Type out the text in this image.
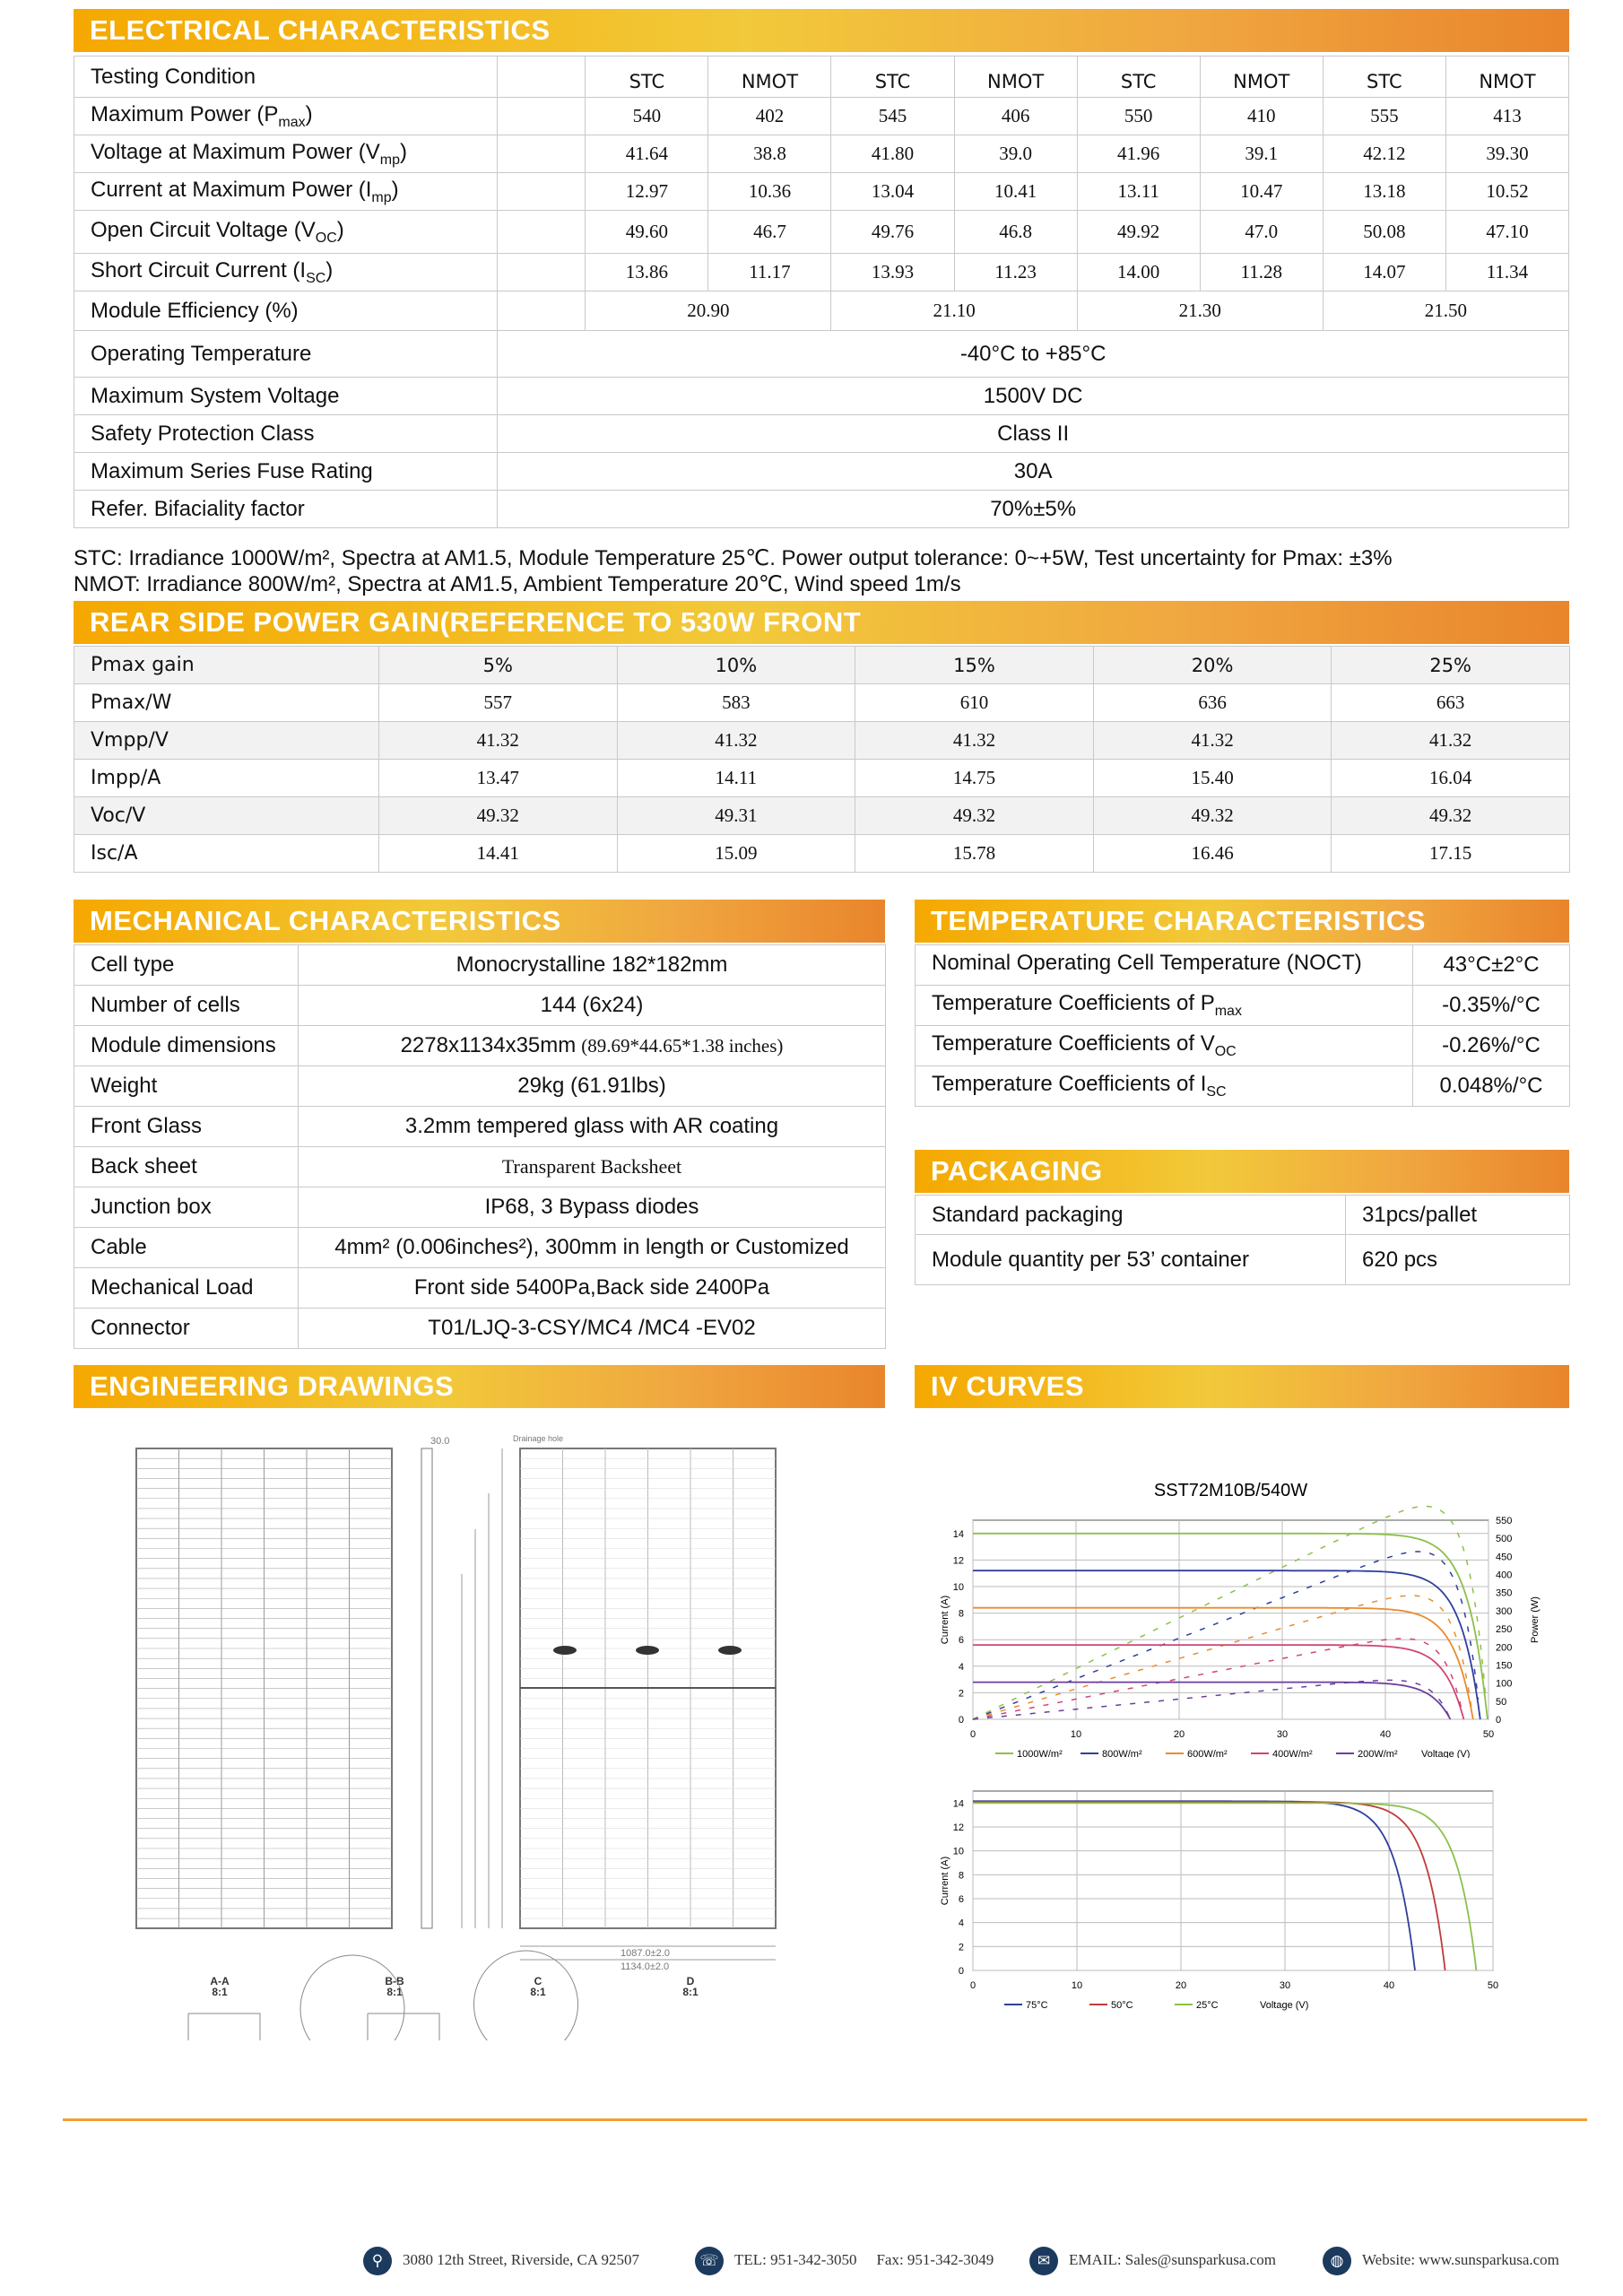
ELECTRICAL CHARACTERISTICS
Testing Condition		STC	NMOT	STC	NMOT	STC	NMOT	STC	NMOT
Maximum Power $(P_{max})$		540	402	545	406	550	410	555	413
Voltage at Maximum Power $(V_{mp})$		41.64	38.8	41.80	39.0	41.96	39.1	42.12	39.30
Current at Maximum Power $(I_{mp})$		12.97	10.36	13.04	10.41	13.11	10.47	13.18	10.52
Open Circuit Voltage $(V_{OC})$		49.60	46.7	49.76	46.8	49.92	47.0	50.08	47.10
Short Circuit Current $(I_{SC})$		13.86	11.17	13.93	11.23	14.00	11.28	14.07	11.34
Module Efficiency (%)		20.90		21.10		21.30		21.50	
Operating Temperature	-40°C to +85°C								
Maximum System Voltage	1500V DC								
Safety Protection Class	Class II								
Maximum Series Fuse Rating	30A								
Refer. Bifaciality factor	70%±5%								
STC: Irradiance 1000W/m², Spectra at AM1.5, Module Temperature 25℃. Power output tolerance: 0~+5W, Test uncertainty for Pmax: ±3%
NMOT: Irradiance 800W/m², Spectra at AM1.5, Ambient Temperature 20℃, Wind speed 1m/s
REAR SIDE POWER GAIN(REFERENCE TO 530W FRONT
Pmax gain	5%	10%	15%	20%	25%
Pmax/W	557	583	610	636	663
Vmpp/V	41.32	41.32	41.32	41.32	41.32
Impp/A	13.47	14.11	14.75	15.40	16.04
Voc/V	49.32	49.31	49.32	49.32	49.32
Isc/A	14.41	15.09	15.78	16.46	17.15
MECHANICAL CHARACTERISTICS
Cell type	Monocrystalline 182*182mm
Number of cells	144 (6x24)
Module dimensions	2278x1134x35mm (89.69*44.65*1.38 inches)
Weight	29kg (61.91lbs)
Front Glass	3.2mm tempered glass with AR coating
Back sheet	Transparent Backsheet
Junction box	IP68, 3 Bypass diodes
Cable	4mm² (0.006inches²), 300mm in length or Customized
Mechanical Load	Front side 5400Pa,Back side 2400Pa
Connector	T01/LJQ-3-CSY/MC4 /MC4 -EV02
TEMPERATURE CHARACTERISTICS
Nominal Operating Cell Temperature (NOCT)	43°C±2°C
Temperature Coefficients of $P_{max}$	-0.35%/°C
Temperature Coefficients of $V_{OC}$	-0.26%/°C
Temperature Coefficients of $I_{SC}$	0.048%/°C
PACKAGING
Standard packaging	31pcs/pallet
Module quantity per 53’ container	620 pcs
ENGINEERING DRAWINGS
30.0
1087.0±2.0
1134.0±2.0
Drainage hole
A-A
8:1
B-B
8:1
C
8:1
D
8:1
IV CURVES
0	10	20	30	40	50
0
2
4
6
8
10
12
14
0
50
100
150
200
250
300
350
400
450
500
550
Power (W)
Current (A)
1000W/m²	800W/m²	600W/m²	400W/m²	200W/m² Voltage (V)
SST72M10B/540W
0	10	20	30	40	50
0
2
4
6
8
10
12
14
Current (A)
75°C	50°C	25°C	Voltage (V)
⚲ 3080 12th Street, Riverside, CA 92507	☏ TEL: 951-342-3050 Fax: 951-342-3049	✉ EMAIL: Sales@sunsparkusa.com	◍ Website: www.sunsparkusa.com
